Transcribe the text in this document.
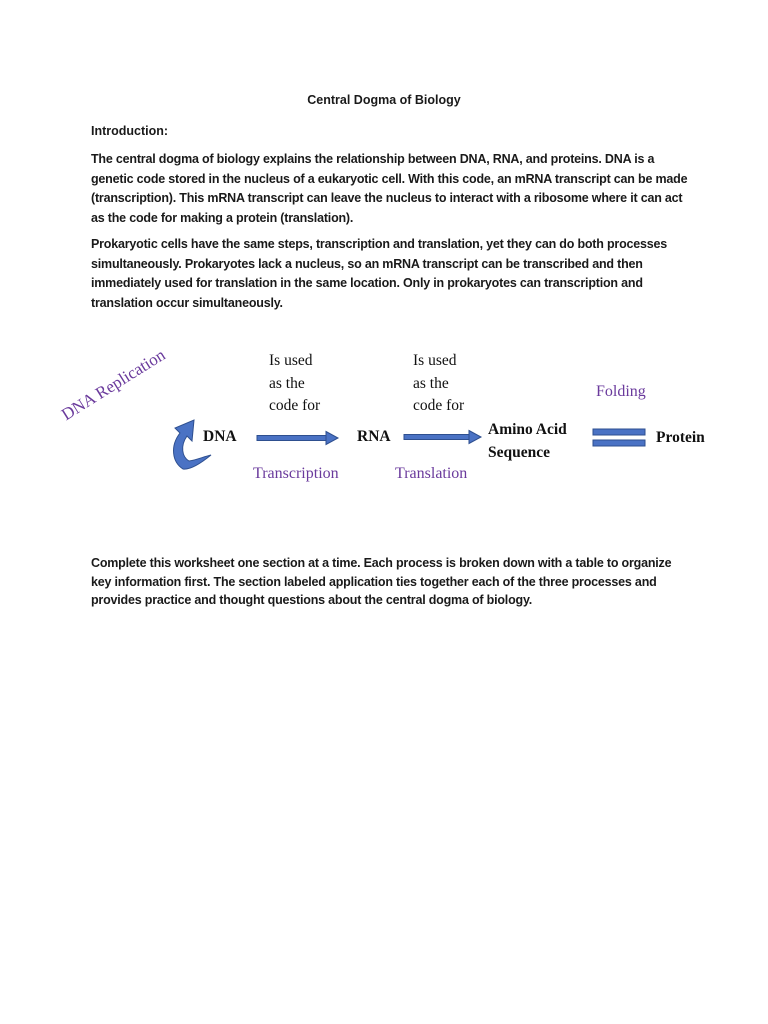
Central Dogma of Biology
Introduction:

The central dogma of biology explains the relationship between DNA, RNA, and proteins. DNA is a genetic code stored in the nucleus of a eukaryotic cell. With this code, an mRNA transcript can be made (transcription). This mRNA transcript can leave the nucleus to interact with a ribosome where it can act as the code for making a protein (translation).

Prokaryotic cells have the same steps, transcription and translation, yet they can do both processes simultaneously. Prokaryotes lack a nucleus, so an mRNA transcript can be transcribed and then immediately used for translation in the same location. Only in prokaryotes can transcription and translation occur simultaneously.

Is used
as the
code for
Is used
as the
code for
DNA	RNA	Amino Acid
Sequence
Protein
Folding
Transcription	Translation
DNA Replication

Complete this worksheet one section at a time. Each process is broken down with a table to organize key information first. The section labeled application ties together each of the three processes and provides practice and thought questions about the central dogma of biology.
